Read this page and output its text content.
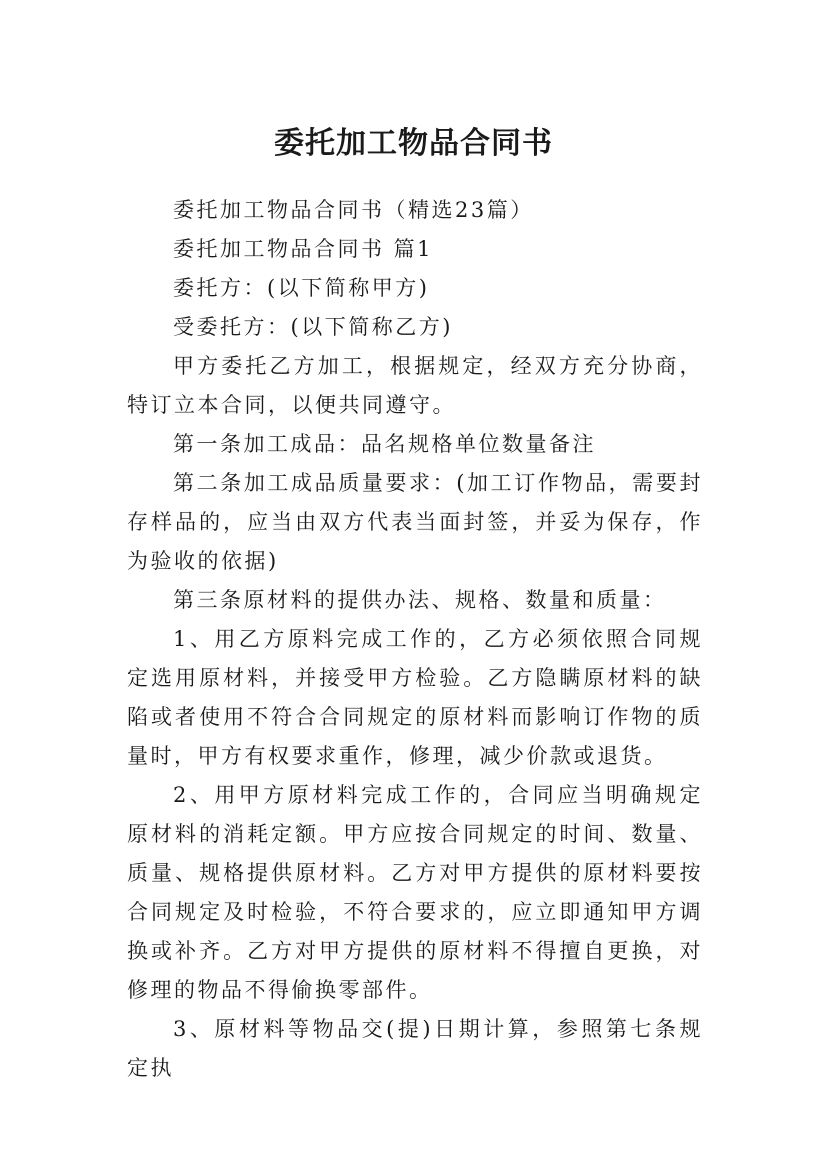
委托加工物品合同书

委托加工物品合同书（精选23篇）

委托加工物品合同书 篇1

委托方：(以下简称甲方)

受委托方：(以下简称乙方)

甲方委托乙方加工，根据规定，经双方充分协商，特订立本合同，以便共同遵守。

第一条加工成品：品名规格单位数量备注

第二条加工成品质量要求：(加工订作物品，需要封存样品的，应当由双方代表当面封签，并妥为保存，作为验收的依据)

第三条原材料的提供办法、规格、数量和质量：

1、用乙方原料完成工作的，乙方必须依照合同规定选用原材料，并接受甲方检验。乙方隐瞒原材料的缺陷或者使用不符合合同规定的原材料而影响订作物的质量时，甲方有权要求重作，修理，减少价款或退货。

2、用甲方原材料完成工作的，合同应当明确规定原材料的消耗定额。甲方应按合同规定的时间、数量、质量、规格提供原材料。乙方对甲方提供的原材料要按合同规定及时检验，不符合要求的，应立即通知甲方调换或补齐。乙方对甲方提供的原材料不得擅自更换，对修理的物品不得偷换零部件。

3、原材料等物品交(提)日期计算，参照第七条规定执
